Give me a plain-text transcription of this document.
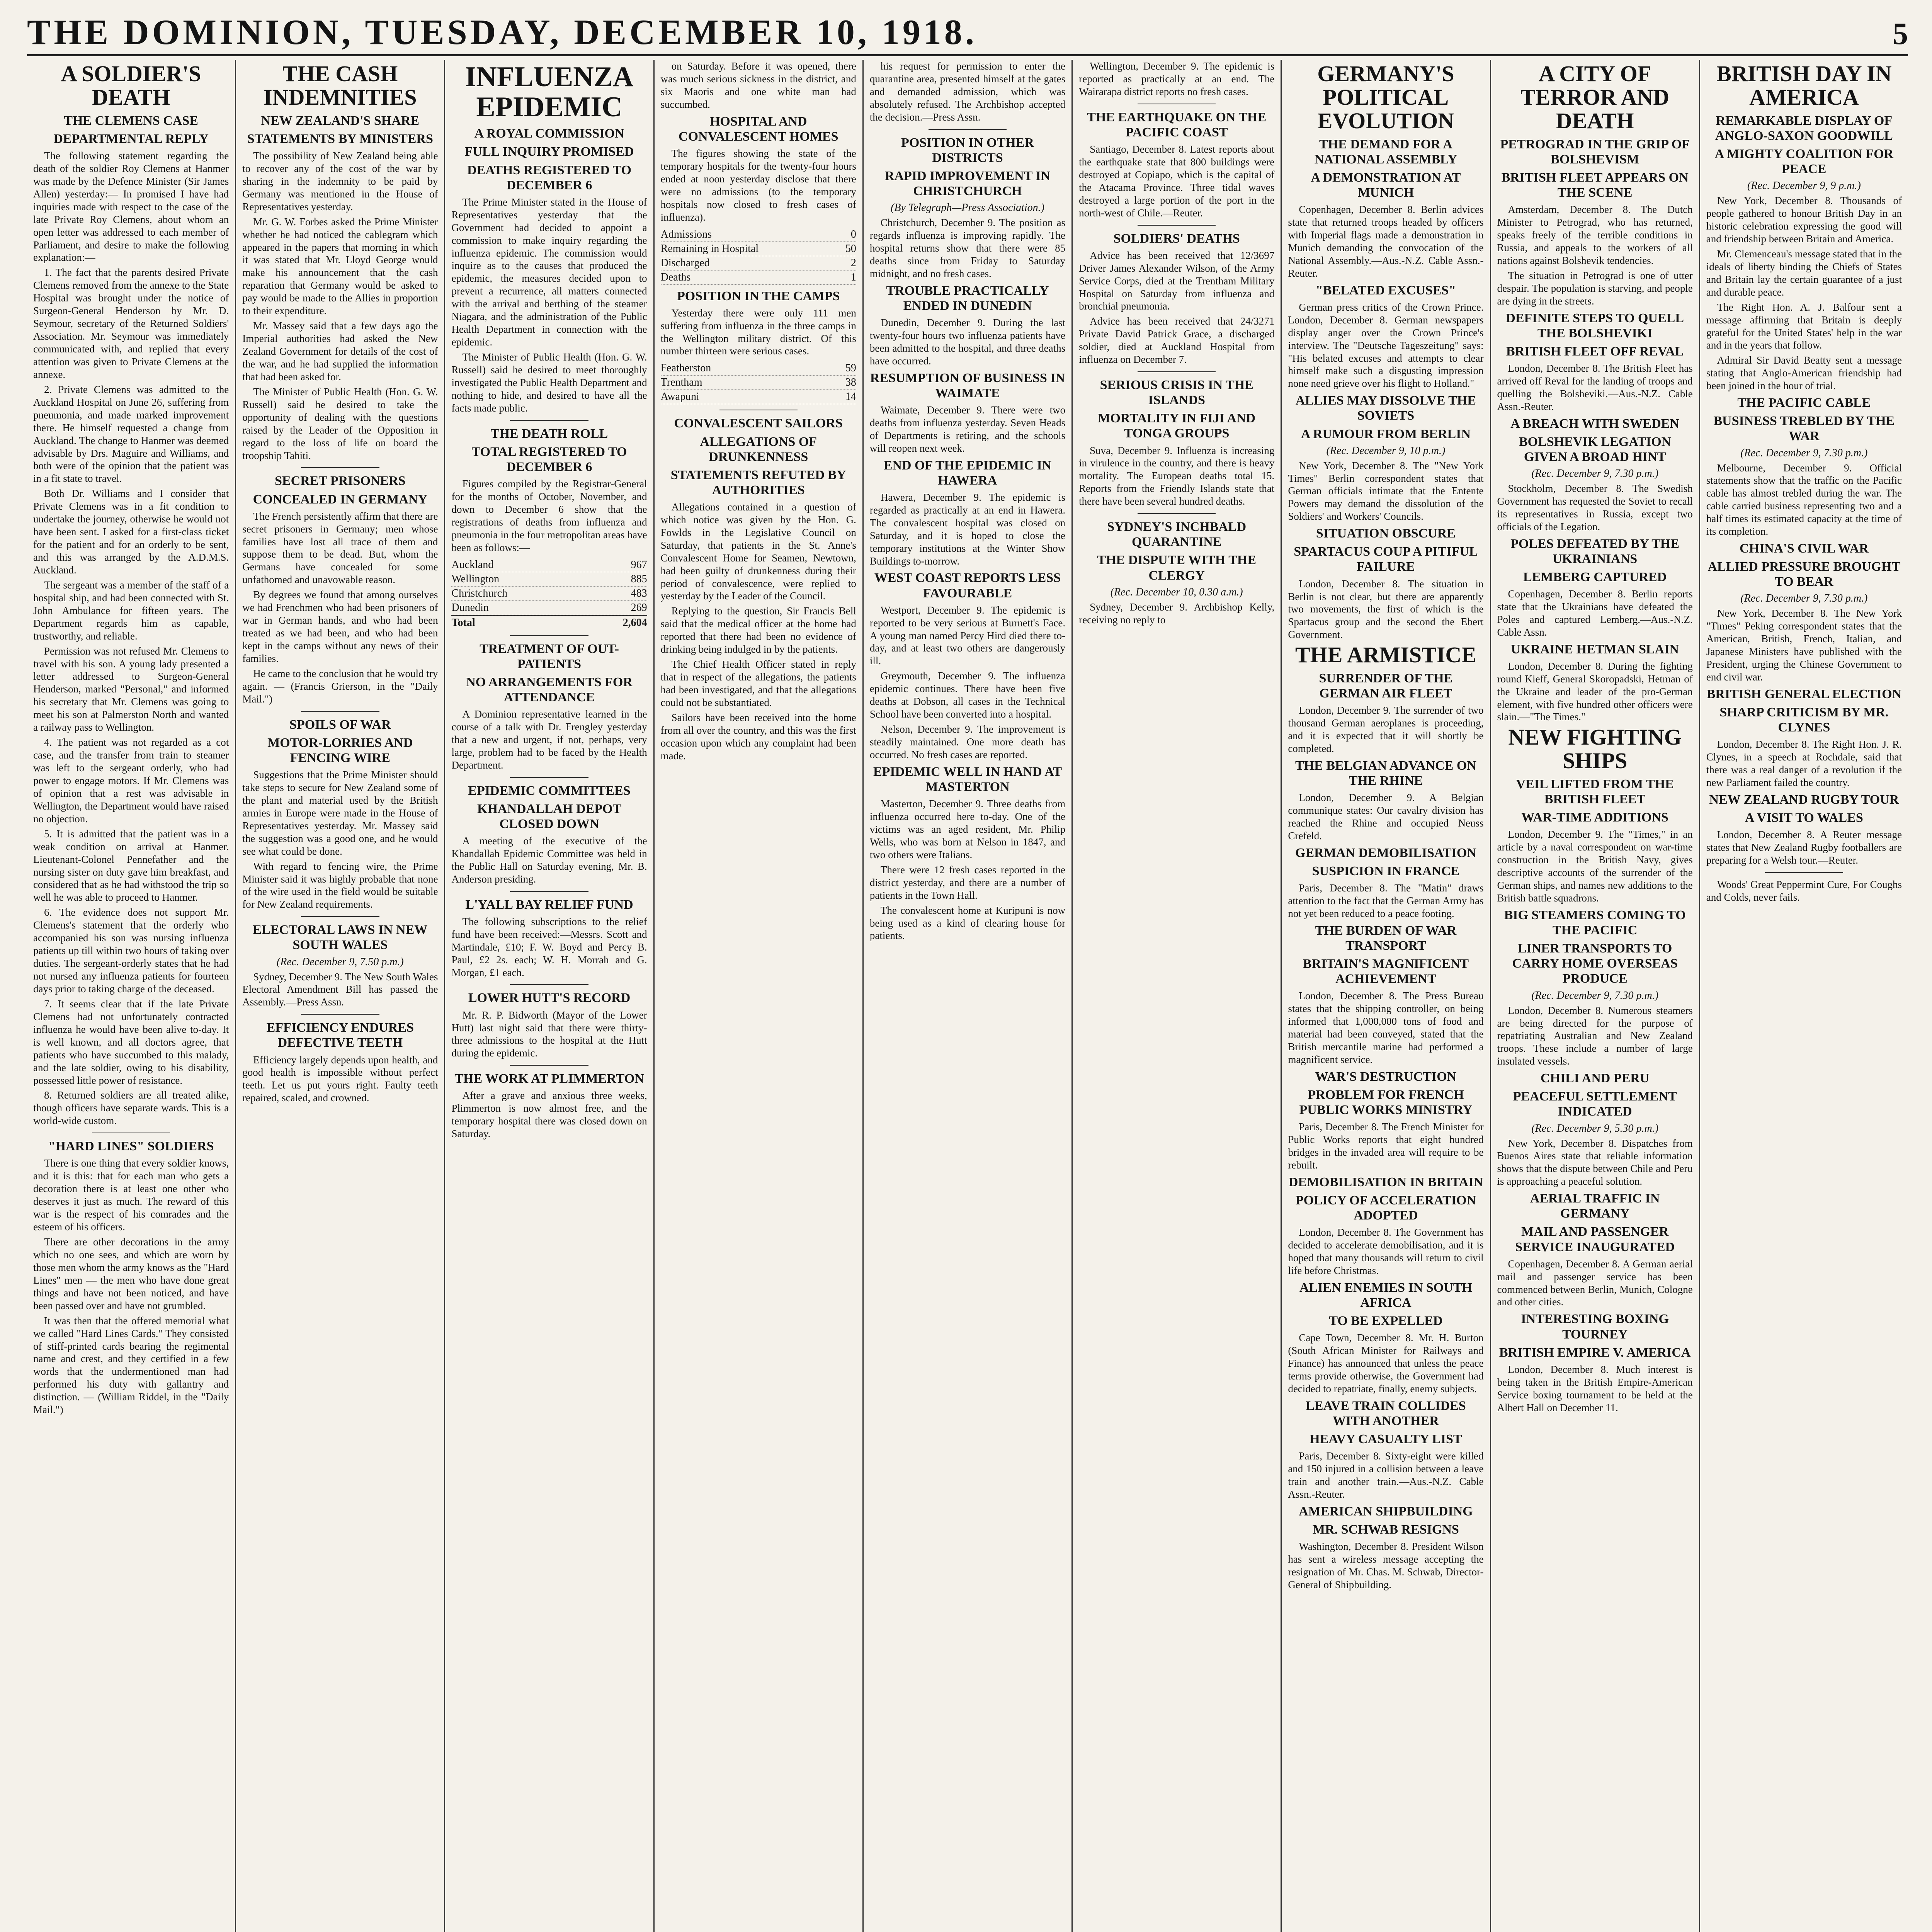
THE DOMINION, TUESDAY, DECEMBER 10, 1918.	5
A SOLDIER'S DEATH
THE CLEMENS CASE
DEPARTMENTAL REPLY

The following statement regarding the death of the soldier Roy Clemens at Hanmer was made by the Defence Minister (Sir James Allen) yesterday:— In promised I have had inquiries made with respect to the case of the late Private Roy Clemens, about whom an open letter was addressed to each member of Parliament, and desire to make the following explanation:—

1. The fact that the parents desired Private Clemens removed from the annexe to the State Hospital was brought under the notice of Surgeon-General Henderson by Mr. D. Seymour, secretary of the Returned Soldiers' Association. Mr. Seymour was immediately communicated with, and replied that every attention was given to Private Clemens at the annexe.

2. Private Clemens was admitted to the Auckland Hospital on June 26, suffering from pneumonia, and made marked improvement there. He himself requested a change from Auckland. The change to Hanmer was deemed advisable by Drs. Maguire and Williams, and both were of the opinion that the patient was in a fit state to travel.

Both Dr. Williams and I consider that Private Clemens was in a fit condition to undertake the journey, otherwise he would not have been sent. I asked for a first-class ticket for the patient and for an orderly to be sent, and this was arranged by the A.D.M.S. Auckland.

The sergeant was a member of the staff of a hospital ship, and had been connected with St. John Ambulance for fifteen years. The Department regards him as capable, trustworthy, and reliable.

Permission was not refused Mr. Clemens to travel with his son. A young lady presented a letter addressed to Surgeon-General Henderson, marked "Personal," and informed his secretary that Mr. Clemens was going to meet his son at Palmerston North and wanted a railway pass to Wellington.

4. The patient was not regarded as a cot case, and the transfer from train to steamer was left to the sergeant orderly, who had power to engage motors. If Mr. Clemens was of opinion that a rest was advisable in Wellington, the Department would have raised no objection.

5. It is admitted that the patient was in a weak condition on arrival at Hanmer. Lieutenant-Colonel Pennefather and the nursing sister on duty gave him breakfast, and considered that as he had withstood the trip so well he was able to proceed to Hanmer.

6. The evidence does not support Mr. Clemens's statement that the orderly who accompanied his son was nursing influenza patients up till within two hours of taking over duties. The sergeant-orderly states that he had not nursed any influenza patients for fourteen days prior to taking charge of the deceased.

7. It seems clear that if the late Private Clemens had not unfortunately contracted influenza he would have been alive to-day. It is well known, and all doctors agree, that patients who have succumbed to this malady, and the late soldier, owing to his disability, possessed little power of resistance.

8. Returned soldiers are all treated alike, though officers have separate wards. This is a world-wide custom.

"HARD LINES" SOLDIERS

There is one thing that every soldier knows, and it is this: that for each man who gets a decoration there is at least one other who deserves it just as much. The reward of this war is the respect of his comrades and the esteem of his officers.

There are other decorations in the army which no one sees, and which are worn by those men whom the army knows as the "Hard Lines" men — the men who have done great things and have not been noticed, and have been passed over and have not grumbled.

It was then that the offered memorial what we called "Hard Lines Cards." They consisted of stiff-printed cards bearing the regimental name and crest, and they certified in a few words that the undermentioned man had performed his duty with gallantry and distinction. — (William Riddel, in the "Daily Mail.")

THE CASH INDEMNITIES
NEW ZEALAND'S SHARE
STATEMENTS BY MINISTERS

The possibility of New Zealand being able to recover any of the cost of the war by sharing in the indemnity to be paid by Germany was mentioned in the House of Representatives yesterday.

Mr. G. W. Forbes asked the Prime Minister whether he had noticed the cablegram which appeared in the papers that morning in which it was stated that Mr. Lloyd George would make his announcement that the cash reparation that Germany would be asked to pay would be made to the Allies in proportion to their expenditure.

Mr. Massey said that a few days ago the Imperial authorities had asked the New Zealand Government for details of the cost of the war, and he had supplied the information that had been asked for.

The Minister of Public Health (Hon. G. W. Russell) said he desired to take the opportunity of dealing with the questions raised by the Leader of the Opposition in regard to the loss of life on board the troopship Tahiti.

SECRET PRISONERS
CONCEALED IN GERMANY

The French persistently affirm that there are secret prisoners in Germany; men whose families have lost all trace of them and suppose them to be dead. But, whom the Germans have concealed for some unfathomed and unavowable reason.

By degrees we found that among ourselves we had Frenchmen who had been prisoners of war in German hands, and who had been treated as we had been, and who had been kept in the camps without any news of their families.

He came to the conclusion that he would try again. — (Francis Grierson, in the "Daily Mail.")

SPOILS OF WAR
MOTOR-LORRIES AND FENCING WIRE

Suggestions that the Prime Minister should take steps to secure for New Zealand some of the plant and material used by the British armies in Europe were made in the House of Representatives yesterday. Mr. Massey said the suggestion was a good one, and he would see what could be done.

With regard to fencing wire, the Prime Minister said it was highly probable that none of the wire used in the field would be suitable for New Zealand requirements.

ELECTORAL LAWS IN NEW SOUTH WALES
(Rec. December 9, 7.50 p.m.)

Sydney, December 9. The New South Wales Electoral Amendment Bill has passed the Assembly.—Press Assn.

EFFICIENCY ENDURES DEFECTIVE TEETH

Efficiency largely depends upon health, and good health is impossible without perfect teeth. Let us put yours right. Faulty teeth repaired, scaled, and crowned.

INFLUENZA EPIDEMIC
A ROYAL COMMISSION
FULL INQUIRY PROMISED
DEATHS REGISTERED TO DECEMBER 6

The Prime Minister stated in the House of Representatives yesterday that the Government had decided to appoint a commission to make inquiry regarding the influenza epidemic. The commission would inquire as to the causes that produced the epidemic, the measures decided upon to prevent a recurrence, all matters connected with the arrival and berthing of the steamer Niagara, and the administration of the Public Health Department in connection with the epidemic.

The Minister of Public Health (Hon. G. W. Russell) said he desired to meet thoroughly investigated the Public Health Department and nothing to hide, and desired to have all the facts made public.

THE DEATH ROLL
TOTAL REGISTERED TO DECEMBER 6

Figures compiled by the Registrar-General for the months of October, November, and down to December 6 show that the registrations of deaths from influenza and pneumonia in the four metropolitan areas have been as follows:—

Auckland	967
Wellington	885
Christchurch	483
Dunedin	269
Total	2,604
TREATMENT OF OUT-PATIENTS
NO ARRANGEMENTS FOR ATTENDANCE

A Dominion representative learned in the course of a talk with Dr. Frengley yesterday that a new and urgent, if not, perhaps, very large, problem had to be faced by the Health Department.

EPIDEMIC COMMITTEES
KHANDALLAH DEPOT CLOSED DOWN

A meeting of the executive of the Khandallah Epidemic Committee was held in the Public Hall on Saturday evening, Mr. B. Anderson presiding.

L'YALL BAY RELIEF FUND

The following subscriptions to the relief fund have been received:—Messrs. Scott and Martindale, £10; F. W. Boyd and Percy B. Paul, £2 2s. each; W. H. Morrah and G. Morgan, £1 each.

LOWER HUTT'S RECORD

Mr. R. P. Bidworth (Mayor of the Lower Hutt) last night said that there were thirty-three admissions to the hospital at the Hutt during the epidemic.

THE WORK AT PLIMMERTON

After a grave and anxious three weeks, Plimmerton is now almost free, and the temporary hospital there was closed down on Saturday.

on Saturday. Before it was opened, there was much serious sickness in the district, and six Maoris and one white man had succumbed.

HOSPITAL AND CONVALESCENT HOMES

The figures showing the state of the temporary hospitals for the twenty-four hours ended at noon yesterday disclose that there were no admissions (to the temporary hospitals now closed to fresh cases of influenza).

Admissions	0
Remaining in Hospital	50
Discharged	2
Deaths	1
POSITION IN THE CAMPS

Yesterday there were only 111 men suffering from influenza in the three camps in the Wellington military district. Of this number thirteen were serious cases.

Featherston	59
Trentham	38
Awapuni	14
CONVALESCENT SAILORS
ALLEGATIONS OF DRUNKENNESS
STATEMENTS REFUTED BY AUTHORITIES

Allegations contained in a question of which notice was given by the Hon. G. Fowlds in the Legislative Council on Saturday, that patients in the St. Anne's Convalescent Home for Seamen, Newtown, had been guilty of drunkenness during their period of convalescence, were replied to yesterday by the Leader of the Council.

Replying to the question, Sir Francis Bell said that the medical officer at the home had reported that there had been no evidence of drinking being indulged in by the patients.

The Chief Health Officer stated in reply that in respect of the allegations, the patients had been investigated, and that the allegations could not be substantiated.

Sailors have been received into the home from all over the country, and this was the first occasion upon which any complaint had been made.

his request for permission to enter the quarantine area, presented himself at the gates and demanded admission, which was absolutely refused. The Archbishop accepted the decision.—Press Assn.

POSITION IN OTHER DISTRICTS
RAPID IMPROVEMENT IN CHRISTCHURCH
(By Telegraph—Press Association.)

Christchurch, December 9. The position as regards influenza is improving rapidly. The hospital returns show that there were 85 deaths since from Friday to Saturday midnight, and no fresh cases.

TROUBLE PRACTICALLY ENDED IN DUNEDIN

Dunedin, December 9. During the last twenty-four hours two influenza patients have been admitted to the hospital, and three deaths have occurred.

RESUMPTION OF BUSINESS IN WAIMATE

Waimate, December 9. There were two deaths from influenza yesterday. Seven Heads of Departments is retiring, and the schools will reopen next week.

END OF THE EPIDEMIC IN HAWERA

Hawera, December 9. The epidemic is regarded as practically at an end in Hawera. The convalescent hospital was closed on Saturday, and it is hoped to close the temporary institutions at the Winter Show Buildings to-morrow.

WEST COAST REPORTS LESS FAVOURABLE

Westport, December 9. The epidemic is reported to be very serious at Burnett's Face. A young man named Percy Hird died there to-day, and at least two others are dangerously ill.

Greymouth, December 9. The influenza epidemic continues. There have been five deaths at Dobson, all cases in the Technical School have been converted into a hospital.

Nelson, December 9. The improvement is steadily maintained. One more death has occurred. No fresh cases are reported.

EPIDEMIC WELL IN HAND AT MASTERTON

Masterton, December 9. Three deaths from influenza occurred here to-day. One of the victims was an aged resident, Mr. Philip Wells, who was born at Nelson in 1847, and two others were Italians.

There were 12 fresh cases reported in the district yesterday, and there are a number of patients in the Town Hall.

The convalescent home at Kuripuni is now being used as a kind of clearing house for patients.

Wellington, December 9. The epidemic is reported as practically at an end. The Wairarapa district reports no fresh cases.

THE EARTHQUAKE ON THE PACIFIC COAST

Santiago, December 8. Latest reports about the earthquake state that 800 buildings were destroyed at Copiapo, which is the capital of the Atacama Province. Three tidal waves destroyed a large portion of the port in the north-west of Chile.—Reuter.

SOLDIERS' DEATHS

Advice has been received that 12/3697 Driver James Alexander Wilson, of the Army Service Corps, died at the Trentham Military Hospital on Saturday from influenza and bronchial pneumonia.

Advice has been received that 24/3271 Private David Patrick Grace, a discharged soldier, died at Auckland Hospital from influenza on December 7.

SERIOUS CRISIS IN THE ISLANDS
MORTALITY IN FIJI AND TONGA GROUPS

Suva, December 9. Influenza is increasing in virulence in the country, and there is heavy mortality. The European deaths total 15. Reports from the Friendly Islands state that there have been several hundred deaths.

SYDNEY'S INCHBALD QUARANTINE
THE DISPUTE WITH THE CLERGY
(Rec. December 10, 0.30 a.m.)

Sydney, December 9. Archbishop Kelly, receiving no reply to

GERMANY'S POLITICAL EVOLUTION
THE DEMAND FOR A NATIONAL ASSEMBLY
A DEMONSTRATION AT MUNICH

Copenhagen, December 8. Berlin advices state that returned troops headed by officers with Imperial flags made a demonstration in Munich demanding the convocation of the National Assembly.—Aus.-N.Z. Cable Assn.-Reuter.

"BELATED EXCUSES"

German press critics of the Crown Prince. London, December 8. German newspapers display anger over the Crown Prince's interview. The "Deutsche Tageszeitung" says: "His belated excuses and attempts to clear himself make such a disgusting impression none need grieve over his flight to Holland."

ALLIES MAY DISSOLVE THE SOVIETS
A RUMOUR FROM BERLIN
(Rec. December 9, 10 p.m.)

New York, December 8. The "New York Times" Berlin correspondent states that German officials intimate that the Entente Powers may demand the dissolution of the Soldiers' and Workers' Councils.

SITUATION OBSCURE
SPARTACUS COUP A PITIFUL FAILURE

London, December 8. The situation in Berlin is not clear, but there are apparently two movements, the first of which is the Spartacus group and the second the Ebert Government.

THE ARMISTICE
SURRENDER OF THE GERMAN AIR FLEET

London, December 9. The surrender of two thousand German aeroplanes is proceeding, and it is expected that it will shortly be completed.

THE BELGIAN ADVANCE ON THE RHINE

London, December 9. A Belgian communique states: Our cavalry division has reached the Rhine and occupied Neuss Crefeld.

GERMAN DEMOBILISATION
SUSPICION IN FRANCE

Paris, December 8. The "Matin" draws attention to the fact that the German Army has not yet been reduced to a peace footing.

THE BURDEN OF WAR TRANSPORT
BRITAIN'S MAGNIFICENT ACHIEVEMENT

London, December 8. The Press Bureau states that the shipping controller, on being informed that 1,000,000 tons of food and material had been conveyed, stated that the British mercantile marine had performed a magnificent service.

WAR'S DESTRUCTION
PROBLEM FOR FRENCH PUBLIC WORKS MINISTRY

Paris, December 8. The French Minister for Public Works reports that eight hundred bridges in the invaded area will require to be rebuilt.

DEMOBILISATION IN BRITAIN
POLICY OF ACCELERATION ADOPTED

London, December 8. The Government has decided to accelerate demobilisation, and it is hoped that many thousands will return to civil life before Christmas.

ALIEN ENEMIES IN SOUTH AFRICA
TO BE EXPELLED

Cape Town, December 8. Mr. H. Burton (South African Minister for Railways and Finance) has announced that unless the peace terms provide otherwise, the Government had decided to repatriate, finally, enemy subjects.

LEAVE TRAIN COLLIDES WITH ANOTHER
HEAVY CASUALTY LIST

Paris, December 8. Sixty-eight were killed and 150 injured in a collision between a leave train and another train.—Aus.-N.Z. Cable Assn.-Reuter.

AMERICAN SHIPBUILDING
MR. SCHWAB RESIGNS

Washington, December 8. President Wilson has sent a wireless message accepting the resignation of Mr. Chas. M. Schwab, Director-General of Shipbuilding.

A CITY OF TERROR AND DEATH
PETROGRAD IN THE GRIP OF BOLSHEVISM
BRITISH FLEET APPEARS ON THE SCENE

Amsterdam, December 8. The Dutch Minister to Petrograd, who has returned, speaks freely of the terrible conditions in Russia, and appeals to the workers of all nations against Bolshevik tendencies.

The situation in Petrograd is one of utter despair. The population is starving, and people are dying in the streets.

DEFINITE STEPS TO QUELL THE BOLSHEVIKI
BRITISH FLEET OFF REVAL

London, December 8. The British Fleet has arrived off Reval for the landing of troops and quelling the Bolsheviki.—Aus.-N.Z. Cable Assn.-Reuter.

A BREACH WITH SWEDEN
BOLSHEVIK LEGATION GIVEN A BROAD HINT
(Rec. December 9, 7.30 p.m.)

Stockholm, December 8. The Swedish Government has requested the Soviet to recall its representatives in Russia, except two officials of the Legation.

POLES DEFEATED BY THE UKRAINIANS
LEMBERG CAPTURED

Copenhagen, December 8. Berlin reports state that the Ukrainians have defeated the Poles and captured Lemberg.—Aus.-N.Z. Cable Assn.

UKRAINE HETMAN SLAIN

London, December 8. During the fighting round Kieff, General Skoropadski, Hetman of the Ukraine and leader of the pro-German element, with five hundred other officers were slain.—"The Times."

NEW FIGHTING SHIPS
VEIL LIFTED FROM THE BRITISH FLEET
WAR-TIME ADDITIONS

London, December 9. The "Times," in an article by a naval correspondent on war-time construction in the British Navy, gives descriptive accounts of the surrender of the German ships, and names new additions to the British battle squadrons.

BIG STEAMERS COMING TO THE PACIFIC
LINER TRANSPORTS TO CARRY HOME OVERSEAS PRODUCE
(Rec. December 9, 7.30 p.m.)

London, December 8. Numerous steamers are being directed for the purpose of repatriating Australian and New Zealand troops. These include a number of large insulated vessels.

CHILI AND PERU
PEACEFUL SETTLEMENT INDICATED
(Rec. December 9, 5.30 p.m.)

New York, December 8. Dispatches from Buenos Aires state that reliable information shows that the dispute between Chile and Peru is approaching a peaceful solution.

AERIAL TRAFFIC IN GERMANY
MAIL AND PASSENGER SERVICE INAUGURATED

Copenhagen, December 8. A German aerial mail and passenger service has been commenced between Berlin, Munich, Cologne and other cities.

INTERESTING BOXING TOURNEY
BRITISH EMPIRE V. AMERICA

London, December 8. Much interest is being taken in the British Empire-American Service boxing tournament to be held at the Albert Hall on December 11.

BRITISH DAY IN AMERICA
REMARKABLE DISPLAY OF ANGLO-SAXON GOODWILL
A MIGHTY COALITION FOR PEACE
(Rec. December 9, 9 p.m.)

New York, December 8. Thousands of people gathered to honour British Day in an historic celebration expressing the good will and friendship between Britain and America.

Mr. Clemenceau's message stated that in the ideals of liberty binding the Chiefs of States and Britain lay the certain guarantee of a just and durable peace.

The Right Hon. A. J. Balfour sent a message affirming that Britain is deeply grateful for the United States' help in the war and in the years that follow.

Admiral Sir David Beatty sent a message stating that Anglo-American friendship had been joined in the hour of trial.

THE PACIFIC CABLE
BUSINESS TREBLED BY THE WAR
(Rec. December 9, 7.30 p.m.)

Melbourne, December 9. Official statements show that the traffic on the Pacific cable has almost trebled during the war. The cable carried business representing two and a half times its estimated capacity at the time of its completion.

CHINA'S CIVIL WAR
ALLIED PRESSURE BROUGHT TO BEAR
(Rec. December 9, 7.30 p.m.)

New York, December 8. The New York "Times" Peking correspondent states that the American, British, French, Italian, and Japanese Ministers have published with the President, urging the Chinese Government to end civil war.

BRITISH GENERAL ELECTION
SHARP CRITICISM BY MR. CLYNES

London, December 8. The Right Hon. J. R. Clynes, in a speech at Rochdale, said that there was a real danger of a revolution if the new Parliament failed the country.

NEW ZEALAND RUGBY TOUR
A VISIT TO WALES

London, December 8. A Reuter message states that New Zealand Rugby footballers are preparing for a Welsh tour.—Reuter.

Woods' Great Peppermint Cure, For Coughs and Colds, never fails.
